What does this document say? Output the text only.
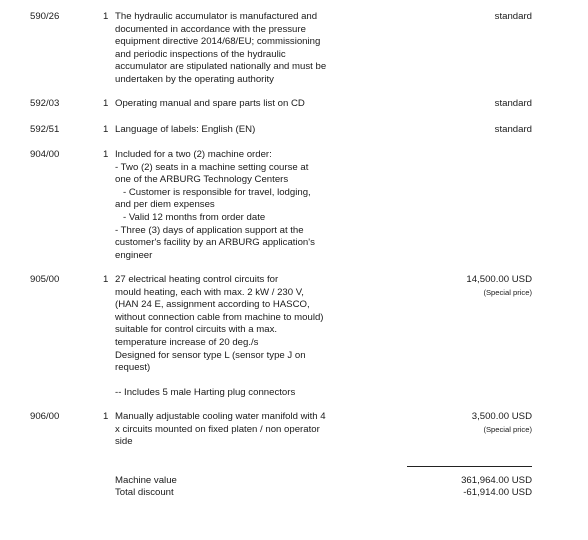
590/26	1 The hydraulic accumulator is manufactured and
documented in accordance with the pressure
equipment directive 2014/68/EU; commissioning
and periodic inspections of the hydraulic
accumulator are stipulated nationally and must be
undertaken by the operating authority
standard
592/03	1 Operating manual and spare parts list on CD	standard
592/51	1 Language of labels: English (EN)	standard
904/00	1 Included for a two (2) machine order:
- Two (2) seats in a machine setting course at
one of the ARBURG Technology Centers
- Customer is responsible for travel, lodging,
and per diem expenses
- Valid 12 months from order date
- Three (3) days of application support at the
customer's facility by an ARBURG application's
engineer
905/00	1 27 electrical heating control circuits for
mould heating, each with max. 2 kW / 230 V,
(HAN 24 E, assignment according to HASCO,
without connection cable from machine to mould)
suitable for control circuits with a max.
temperature increase of 20 deg./s
Designed for sensor type L (sensor type J on
request)

-- Includes 5 male Harting plug connectors
14,500.00 USD
(Special price)
906/00	1 Manually adjustable cooling water manifold with 4
x circuits mounted on fixed platen / non operator
side
3,500.00 USD
(Special price)
Machine value	361,964.00 USD
Total discount	-61,914.00 USD
